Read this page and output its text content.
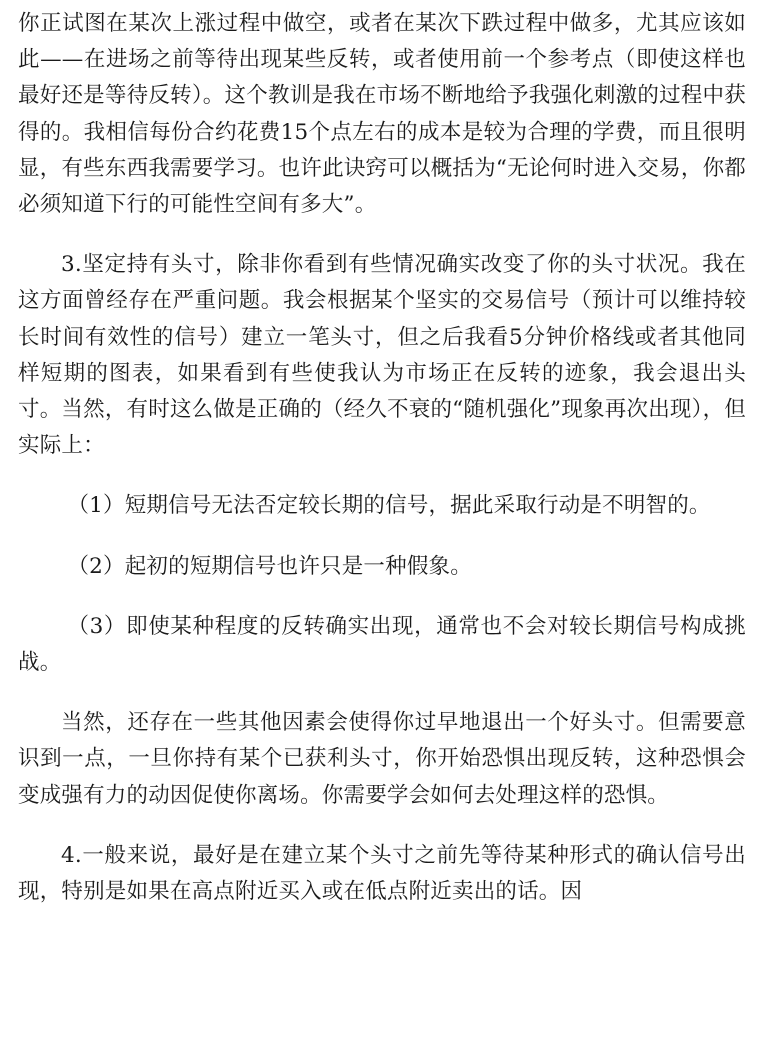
你正试图在某次上涨过程中做空，或者在某次下跌过程中做多，尤其应该如此——在进场之前等待出现某些反转，或者使用前一个参考点（即使这样也最好还是等待反转）。这个教训是我在市场不断地给予我强化刺激的过程中获得的。我相信每份合约花费15个点左右的成本是较为合理的学费，而且很明显，有些东西我需要学习。也许此诀窍可以概括为“无论何时进入交易，你都必须知道下行的可能性空间有多大”。

3.坚定持有头寸，除非你看到有些情况确实改变了你的头寸状况。我在这方面曾经存在严重问题。我会根据某个坚实的交易信号（预计可以维持较长时间有效性的信号）建立一笔头寸，但之后我看5分钟价格线或者其他同样短期的图表，如果看到有些使我认为市场正在反转的迹象，我会退出头寸。当然，有时这么做是正确的（经久不衰的“随机强化”现象再次出现），但实际上：

（1）短期信号无法否定较长期的信号，据此采取行动是不明智的。

（2）起初的短期信号也许只是一种假象。

（3）即使某种程度的反转确实出现，通常也不会对较长期信号构成挑战。

当然，还存在一些其他因素会使得你过早地退出一个好头寸。但需要意识到一点，一旦你持有某个已获利头寸，你开始恐惧出现反转，这种恐惧会变成强有力的动因促使你离场。你需要学会如何去处理这样的恐惧。

4.一般来说，最好是在建立某个头寸之前先等待某种形式的确认信号出现，特别是如果在高点附近买入或在低点附近卖出的话。因
